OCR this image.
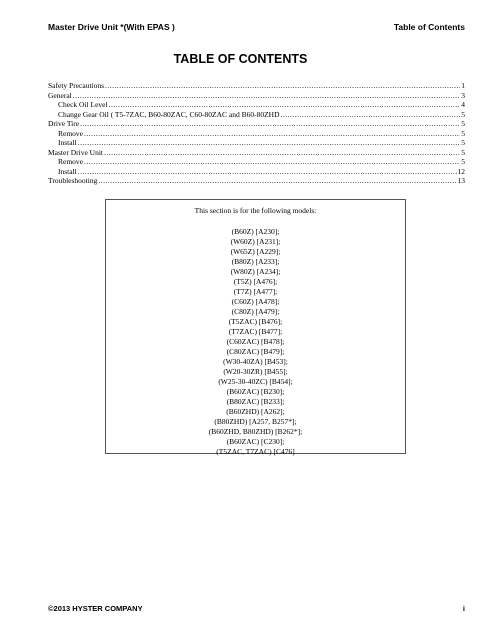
Master Drive Unit *(With EPAS )	Table of Contents
TABLE OF CONTENTS
Safety Precautions .....	1
General .....	3
Check Oil Level .....	4
Change Gear Oil ( T5-7ZAC, B60-80ZAC, C60-80ZAC and B60-80ZHD .....	5
Drive Tire .....	5
Remove .....	5
Install .....	5
Master Drive Unit .....	5
Remove .....	5
Install .....	12
Troubleshooting .....	13
This section is for the following models:
(B60Z) [A230];
(W60Z) [A231];
(W65Z) [A229];
(B80Z) [A233];
(W80Z) [A234];
(T5Z) [A476];
(T7Z) [A477];
(C60Z) [A478];
(C80Z) [A479];
(T5ZAC) [B476];
(T7ZAC) [B477];
(C60ZAC) [B478];
(C80ZAC) [B479];
(W30-40ZA) [B453];
(W20-30ZR) [B455];
(W25-30-40ZC) [B454];
(B60ZAC) [B230];
(B80ZAC) [B233];
(B60ZHD) [A262];
(B80ZHD) [A257, B257*];
(B60ZHD, B80ZHD) [B262*];
(B60ZAC) [C230];
(T5ZAC, T7ZAC) [C476]
©2013 HYSTER COMPANY	i
